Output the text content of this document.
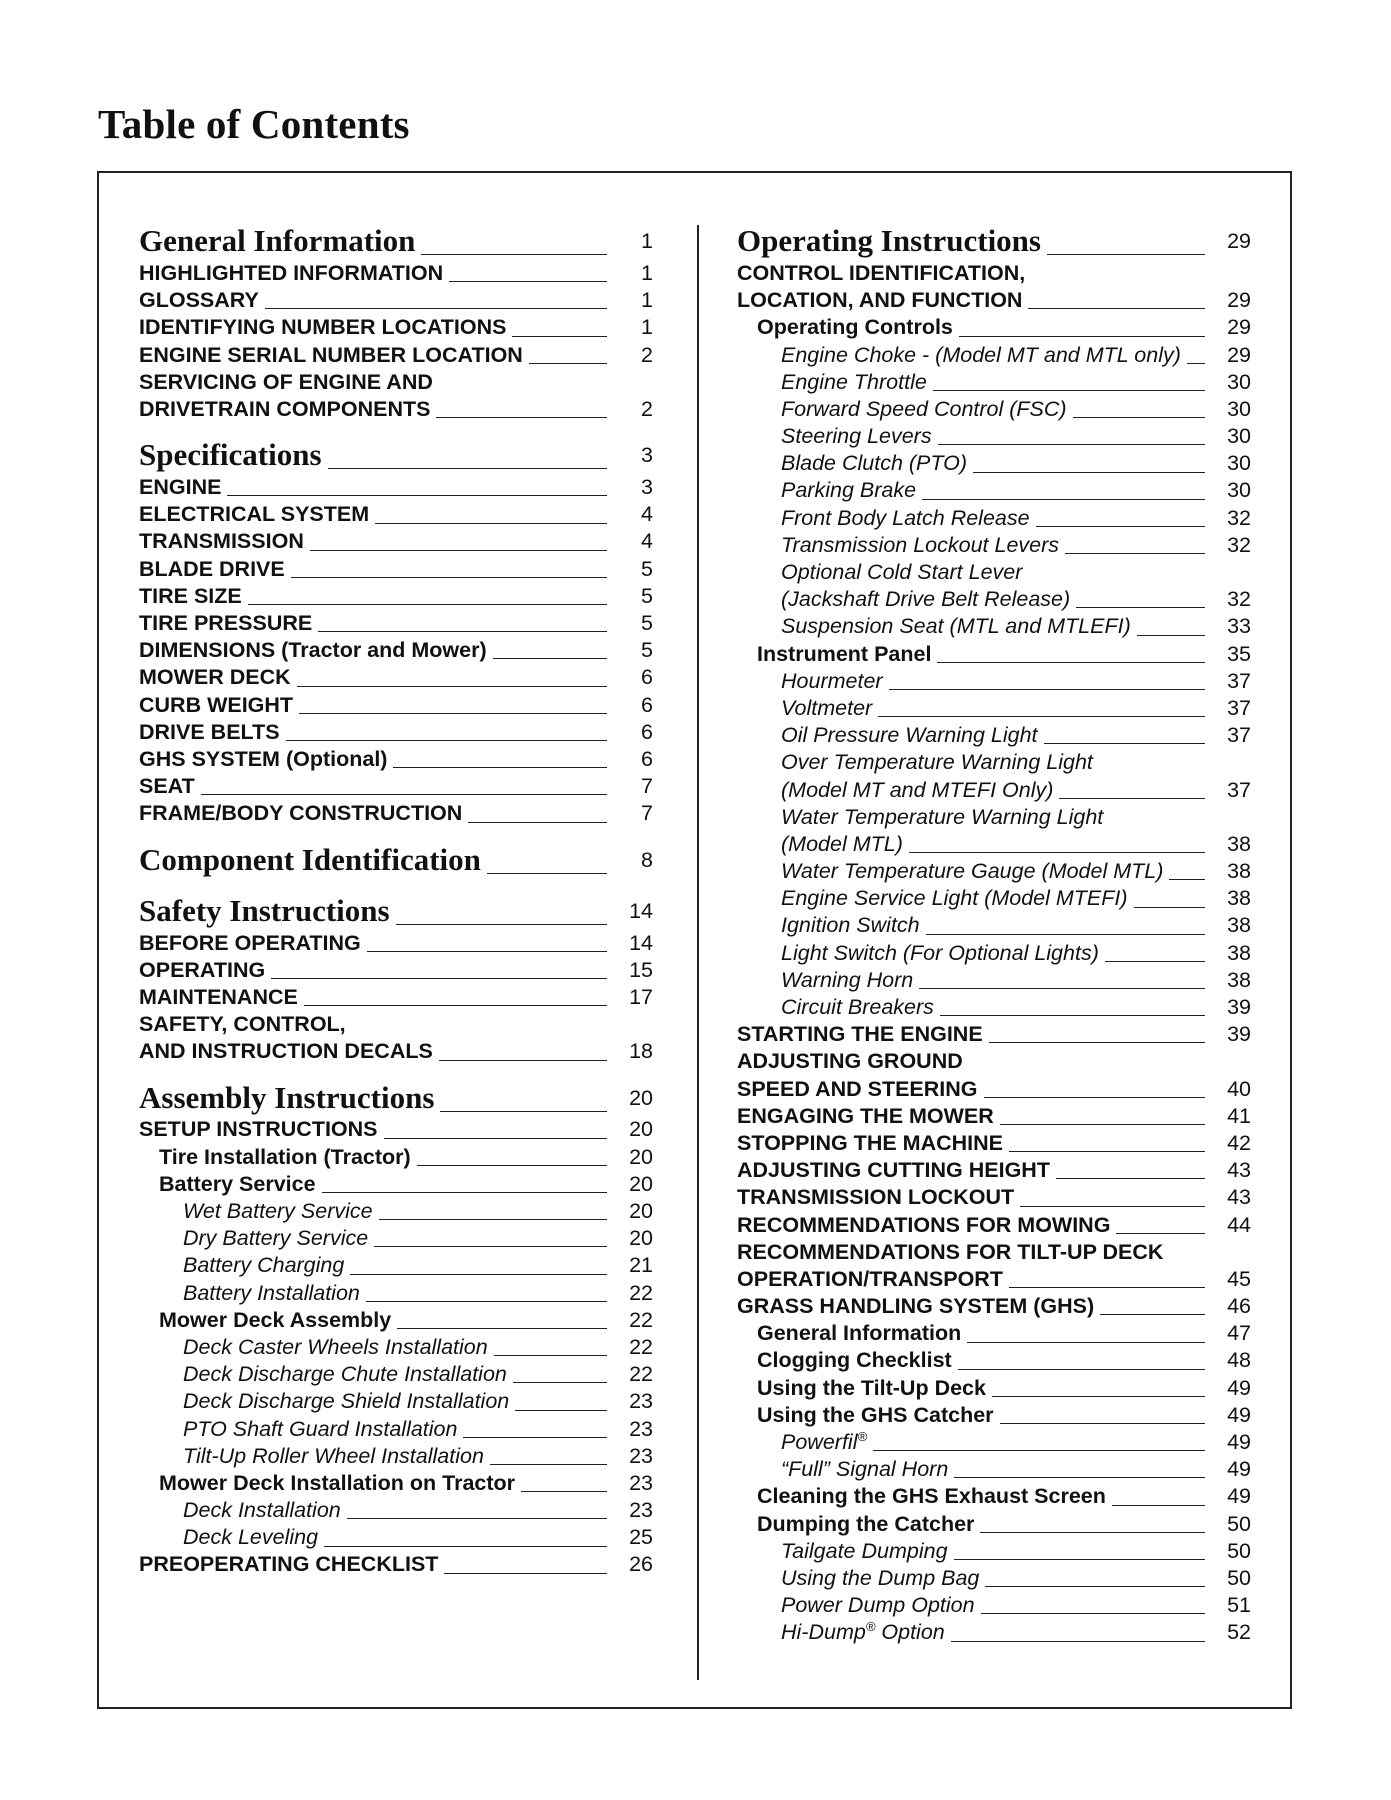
Table of Contents
General Information	1
HIGHLIGHTED INFORMATION	1
GLOSSARY	1
IDENTIFYING NUMBER LOCATIONS	1
ENGINE SERIAL NUMBER LOCATION	2
SERVICING OF ENGINE AND
DRIVETRAIN COMPONENTS	2
Specifications	3
ENGINE	3
ELECTRICAL SYSTEM	4
TRANSMISSION	4
BLADE DRIVE	5
TIRE SIZE	5
TIRE PRESSURE	5
DIMENSIONS (Tractor and Mower)	5
MOWER DECK	6
CURB WEIGHT	6
DRIVE BELTS	6
GHS SYSTEM (Optional)	6
SEAT	7
FRAME/BODY CONSTRUCTION	7
Component Identification	8
Safety Instructions	14
BEFORE OPERATING	14
OPERATING	15
MAINTENANCE	17
SAFETY, CONTROL,
AND INSTRUCTION DECALS	18
Assembly Instructions	20
SETUP INSTRUCTIONS	20
Tire Installation (Tractor)	20
Battery Service	20
Wet Battery Service	20
Dry Battery Service	20
Battery Charging	21
Battery Installation	22
Mower Deck Assembly	22
Deck Caster Wheels Installation	22
Deck Discharge Chute Installation	22
Deck Discharge Shield Installation	23
PTO Shaft Guard Installation	23
Tilt-Up Roller Wheel Installation	23
Mower Deck Installation on Tractor	23
Deck Installation	23
Deck Leveling	25
PREOPERATING CHECKLIST	26
Operating Instructions	29
CONTROL IDENTIFICATION,
LOCATION, AND FUNCTION	29
Operating Controls	29
Engine Choke - (Model MT and MTL only)	29
Engine Throttle	30
Forward Speed Control (FSC)	30
Steering Levers	30
Blade Clutch (PTO)	30
Parking Brake	30
Front Body Latch Release	32
Transmission Lockout Levers	32
Optional Cold Start Lever
(Jackshaft Drive Belt Release)	32
Suspension Seat (MTL and MTLEFI)	33
Instrument Panel	35
Hourmeter	37
Voltmeter	37
Oil Pressure Warning Light	37
Over Temperature Warning Light
(Model MT and MTEFI Only)	37
Water Temperature Warning Light
(Model MTL)	38
Water Temperature Gauge (Model MTL)	38
Engine Service Light (Model MTEFI)	38
Ignition Switch	38
Light Switch (For Optional Lights)	38
Warning Horn	38
Circuit Breakers	39
STARTING THE ENGINE	39
ADJUSTING GROUND
SPEED AND STEERING	40
ENGAGING THE MOWER	41
STOPPING THE MACHINE	42
ADJUSTING CUTTING HEIGHT	43
TRANSMISSION LOCKOUT	43
RECOMMENDATIONS FOR MOWING	44
RECOMMENDATIONS FOR TILT-UP DECK
OPERATION/TRANSPORT	45
GRASS HANDLING SYSTEM (GHS)	46
General Information	47
Clogging Checklist	48
Using the Tilt-Up Deck	49
Using the GHS Catcher	49
Powerfil®	49
“Full” Signal Horn	49
Cleaning the GHS Exhaust Screen	49
Dumping the Catcher	50
Tailgate Dumping	50
Using the Dump Bag	50
Power Dump Option	51
Hi-Dump® Option	52
